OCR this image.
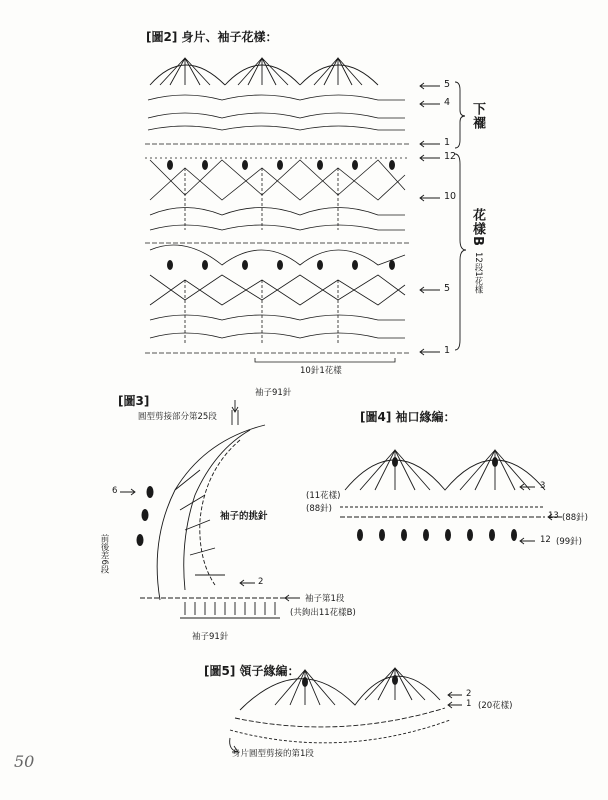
[圖2] 身片、袖子花樣：
5
4
1
12
10
5
1
下襬
花樣B
12段1花樣
10針1花樣
[圖3]
袖子91針
圓型剪接部分第25段
袖子的挑針
前後差6段
6
2
袖子第1段
(共鉤出11花樣B)
袖子91針
[圖4] 袖口緣編：
3
(11花樣)
(88針)
13 (88針)
12 (99針)
[圖5] 領子緣編：
2
1 (20花樣)
身片圓型剪接的第1段
50
